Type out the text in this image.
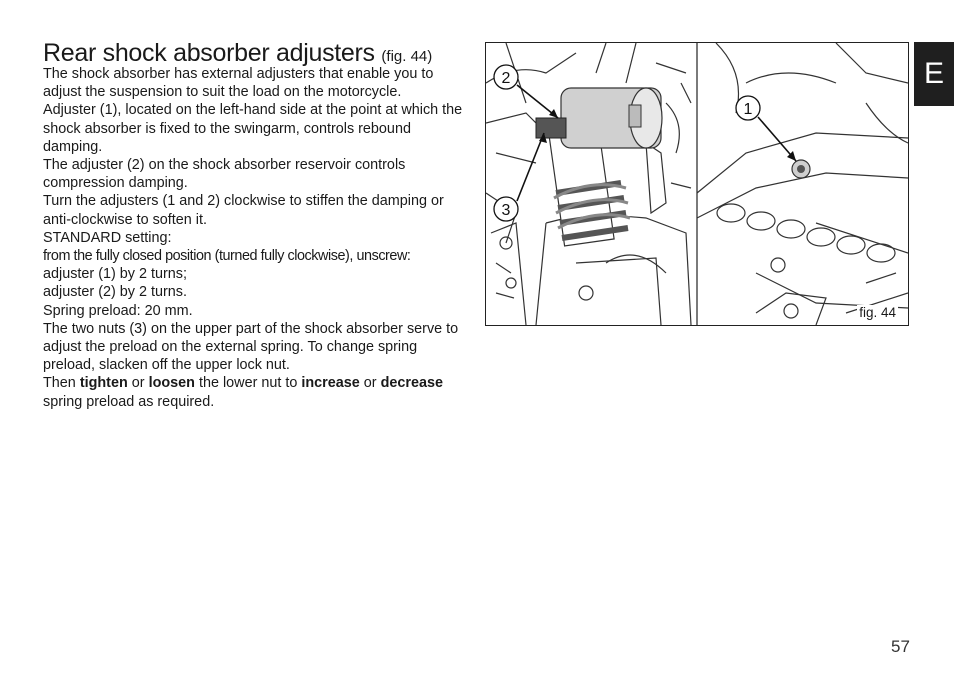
Rear shock absorber adjusters (fig. 44)

The shock absorber has external adjusters that enable you to adjust the suspension to suit the load on the motorcycle.

Adjuster (1), located on the left-hand side at the point at which the shock absorber is fixed to the swingarm, controls rebound damping.

The adjuster (2) on the shock absorber reservoir controls compression damping.

Turn the adjusters (1 and 2) clockwise to stiffen the damping or anti-clockwise to soften it.

STANDARD setting:

from the fully closed position (turned fully clockwise), unscrew:

adjuster (1) by 2 turns;

adjuster (2) by 2 turns.

Spring preload: 20 mm.

The two nuts (3) on the upper part of the shock absorber serve to adjust the preload on the external spring. To change spring preload, slacken off the upper lock nut.

Then tighten or loosen the lower nut to increase or decrease spring preload as required.

2
3
1
fig. 44
E
57
